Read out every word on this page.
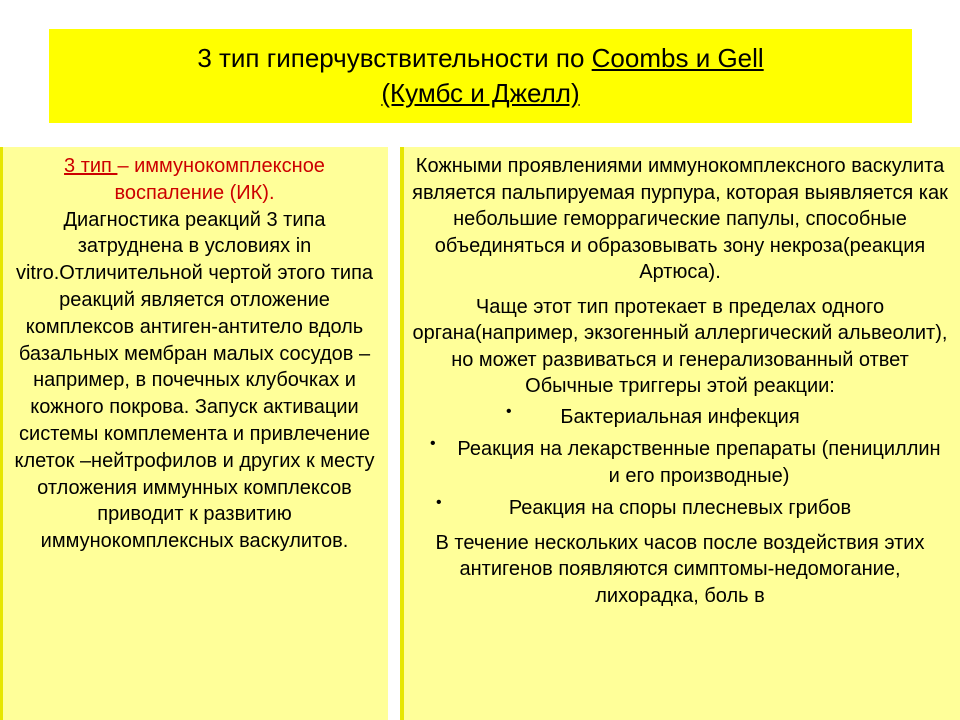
3 тип гиперчувствительности по Coombs и Gell
(Кумбс и Джелл)
3 тип – иммунокомплексное
воспаление (ИК).
Диагностика реакций 3 типа затруднена в условиях in vitro.Отличительной чертой этого типа реакций является отложение комплексов антиген-антитело вдоль базальных мембран малых сосудов – например, в почечных клубочках и кожного покрова. Запуск активации системы комплемента и привлечение клеток –нейтрофилов и других к месту отложения иммунных комплексов приводит к развитию иммунокомплексных васкулитов.

Кожными проявлениями иммунокомплексного васкулита является пальпируемая пурпура, которая выявляется как небольшие геморрагические папулы, способные объединяться и образовывать зону некроза(реакция Артюса).

Чаще этот тип протекает в пределах одного органа(например, экзогенный аллергический альвеолит), но может развиваться и генерализованный ответ Обычные триггеры этой реакции:

• Бактериальная инфекция

• Реакция на лекарственные препараты (пенициллин и его производные)

•	Реакция на споры плесневых грибов

В течение нескольких часов после воздействия этих антигенов появляются симптомы-недомогание, лихорадка, боль в
